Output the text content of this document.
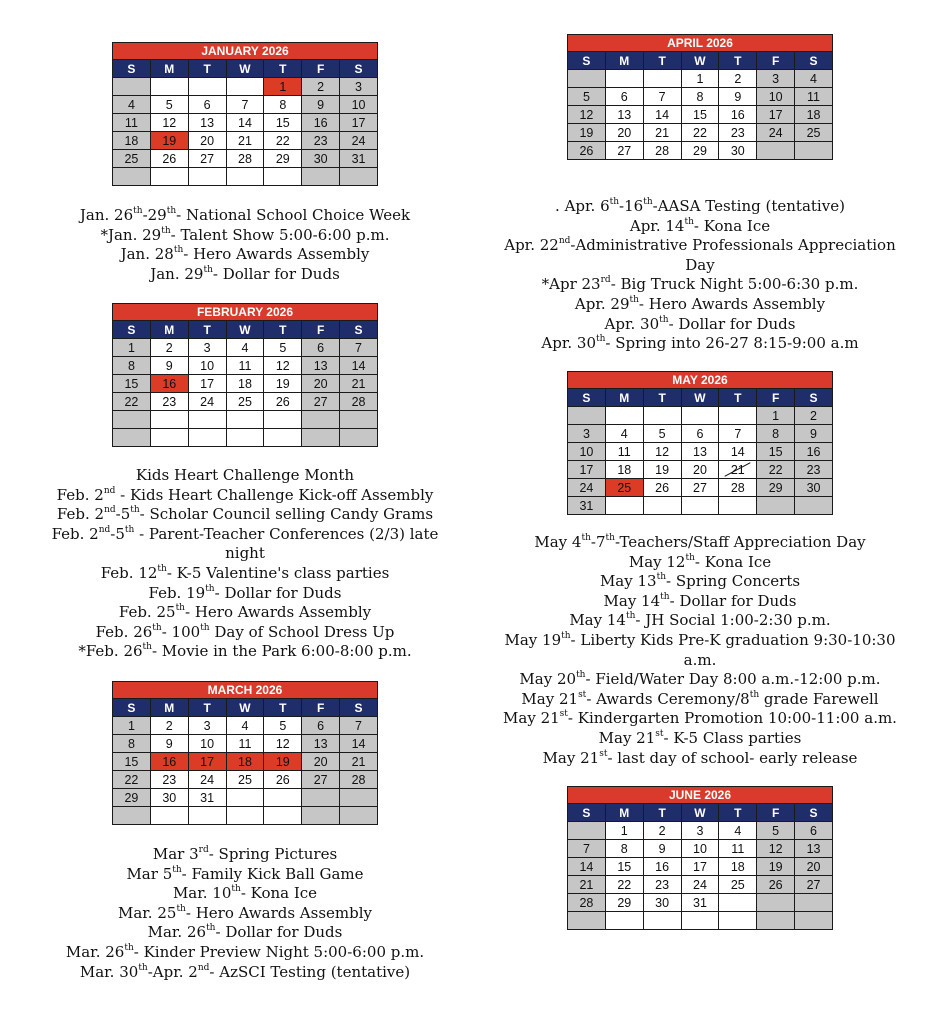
JANUARY 2026						
S	M	T	W	T	F	S
				1	2	3
4	5	6	7	8	9	10
11	12	13	14	15	16	17
18	19	20	21	22	23	24
25	26	27	28	29	30	31

FEBRUARY 2026						
S	M	T	W	T	F	S
1	2	3	4	5	6	7
8	9	10	11	12	13	14
15	16	17	18	19	20	21
22	23	24	25	26	27	28

MARCH 2026						
S	M	T	W	T	F	S
1	2	3	4	5	6	7
8	9	10	11	12	13	14
15	16	17	18	19	20	21
22	23	24	25	26	27	28
29	30	31				

APRIL 2026						
S	M	T	W	T	F	S
			1	2	3	4
5	6	7	8	9	10	11
12	13	14	15	16	17	18
19	20	21	22	23	24	25
26	27	28	29	30		
MAY 2026						
S	M	T	W	T	F	S
					1	2
3	4	5	6	7	8	9
10	11	12	13	14	15	16
17	18	19	20	21	22	23
24	25	26	27	28	29	30
31						
JUNE 2026						
S	M	T	W	T	F	S
	1	2	3	4	5	6
7	8	9	10	11	12	13
14	15	16	17	18	19	20
21	22	23	24	25	26	27
28	29	30	31			

Jan. 26th-29th- National School Choice Week
*Jan. 29th- Talent Show 5:00-6:00 p.m.
Jan. 28th- Hero Awards Assembly
Jan. 29th- Dollar for Duds
Kids Heart Challenge Month
Feb. 2nd - Kids Heart Challenge Kick-off Assembly
Feb. 2nd-5th- Scholar Council selling Candy Grams
Feb. 2nd-5th - Parent-Teacher Conferences (2/3) late night
Feb. 12th- K-5 Valentine's class parties
Feb. 19th- Dollar for Duds
Feb. 25th- Hero Awards Assembly
Feb. 26th- 100th Day of School Dress Up
*Feb. 26th- Movie in the Park 6:00-8:00 p.m.
Mar 3rd- Spring Pictures
Mar 5th- Family Kick Ball Game
Mar. 10th- Kona Ice
Mar. 25th- Hero Awards Assembly
Mar. 26th- Dollar for Duds
Mar. 26th- Kinder Preview Night 5:00-6:00 p.m.
Mar. 30th-Apr. 2nd- AzSCI Testing (tentative)
. Apr. 6th-16th-AASA Testing (tentative)
Apr. 14th- Kona Ice
Apr. 22nd-Administrative Professionals Appreciation Day
*Apr 23rd- Big Truck Night 5:00-6:30 p.m.
Apr. 29th- Hero Awards Assembly
Apr. 30th- Dollar for Duds
Apr. 30th- Spring into 26-27 8:15-9:00 a.m
May 4th-7th-Teachers/Staff Appreciation Day
May 12th- Kona Ice
May 13th- Spring Concerts
May 14th- Dollar for Duds
May 14th- JH Social 1:00-2:30 p.m.
May 19th- Liberty Kids Pre-K graduation 9:30-10:30 a.m.
May 20th- Field/Water Day 8:00 a.m.-12:00 p.m.
May 21st- Awards Ceremony/8th grade Farewell
May 21st- Kindergarten Promotion 10:00-11:00 a.m.
May 21st- K-5 Class parties
May 21st- last day of school- early release
